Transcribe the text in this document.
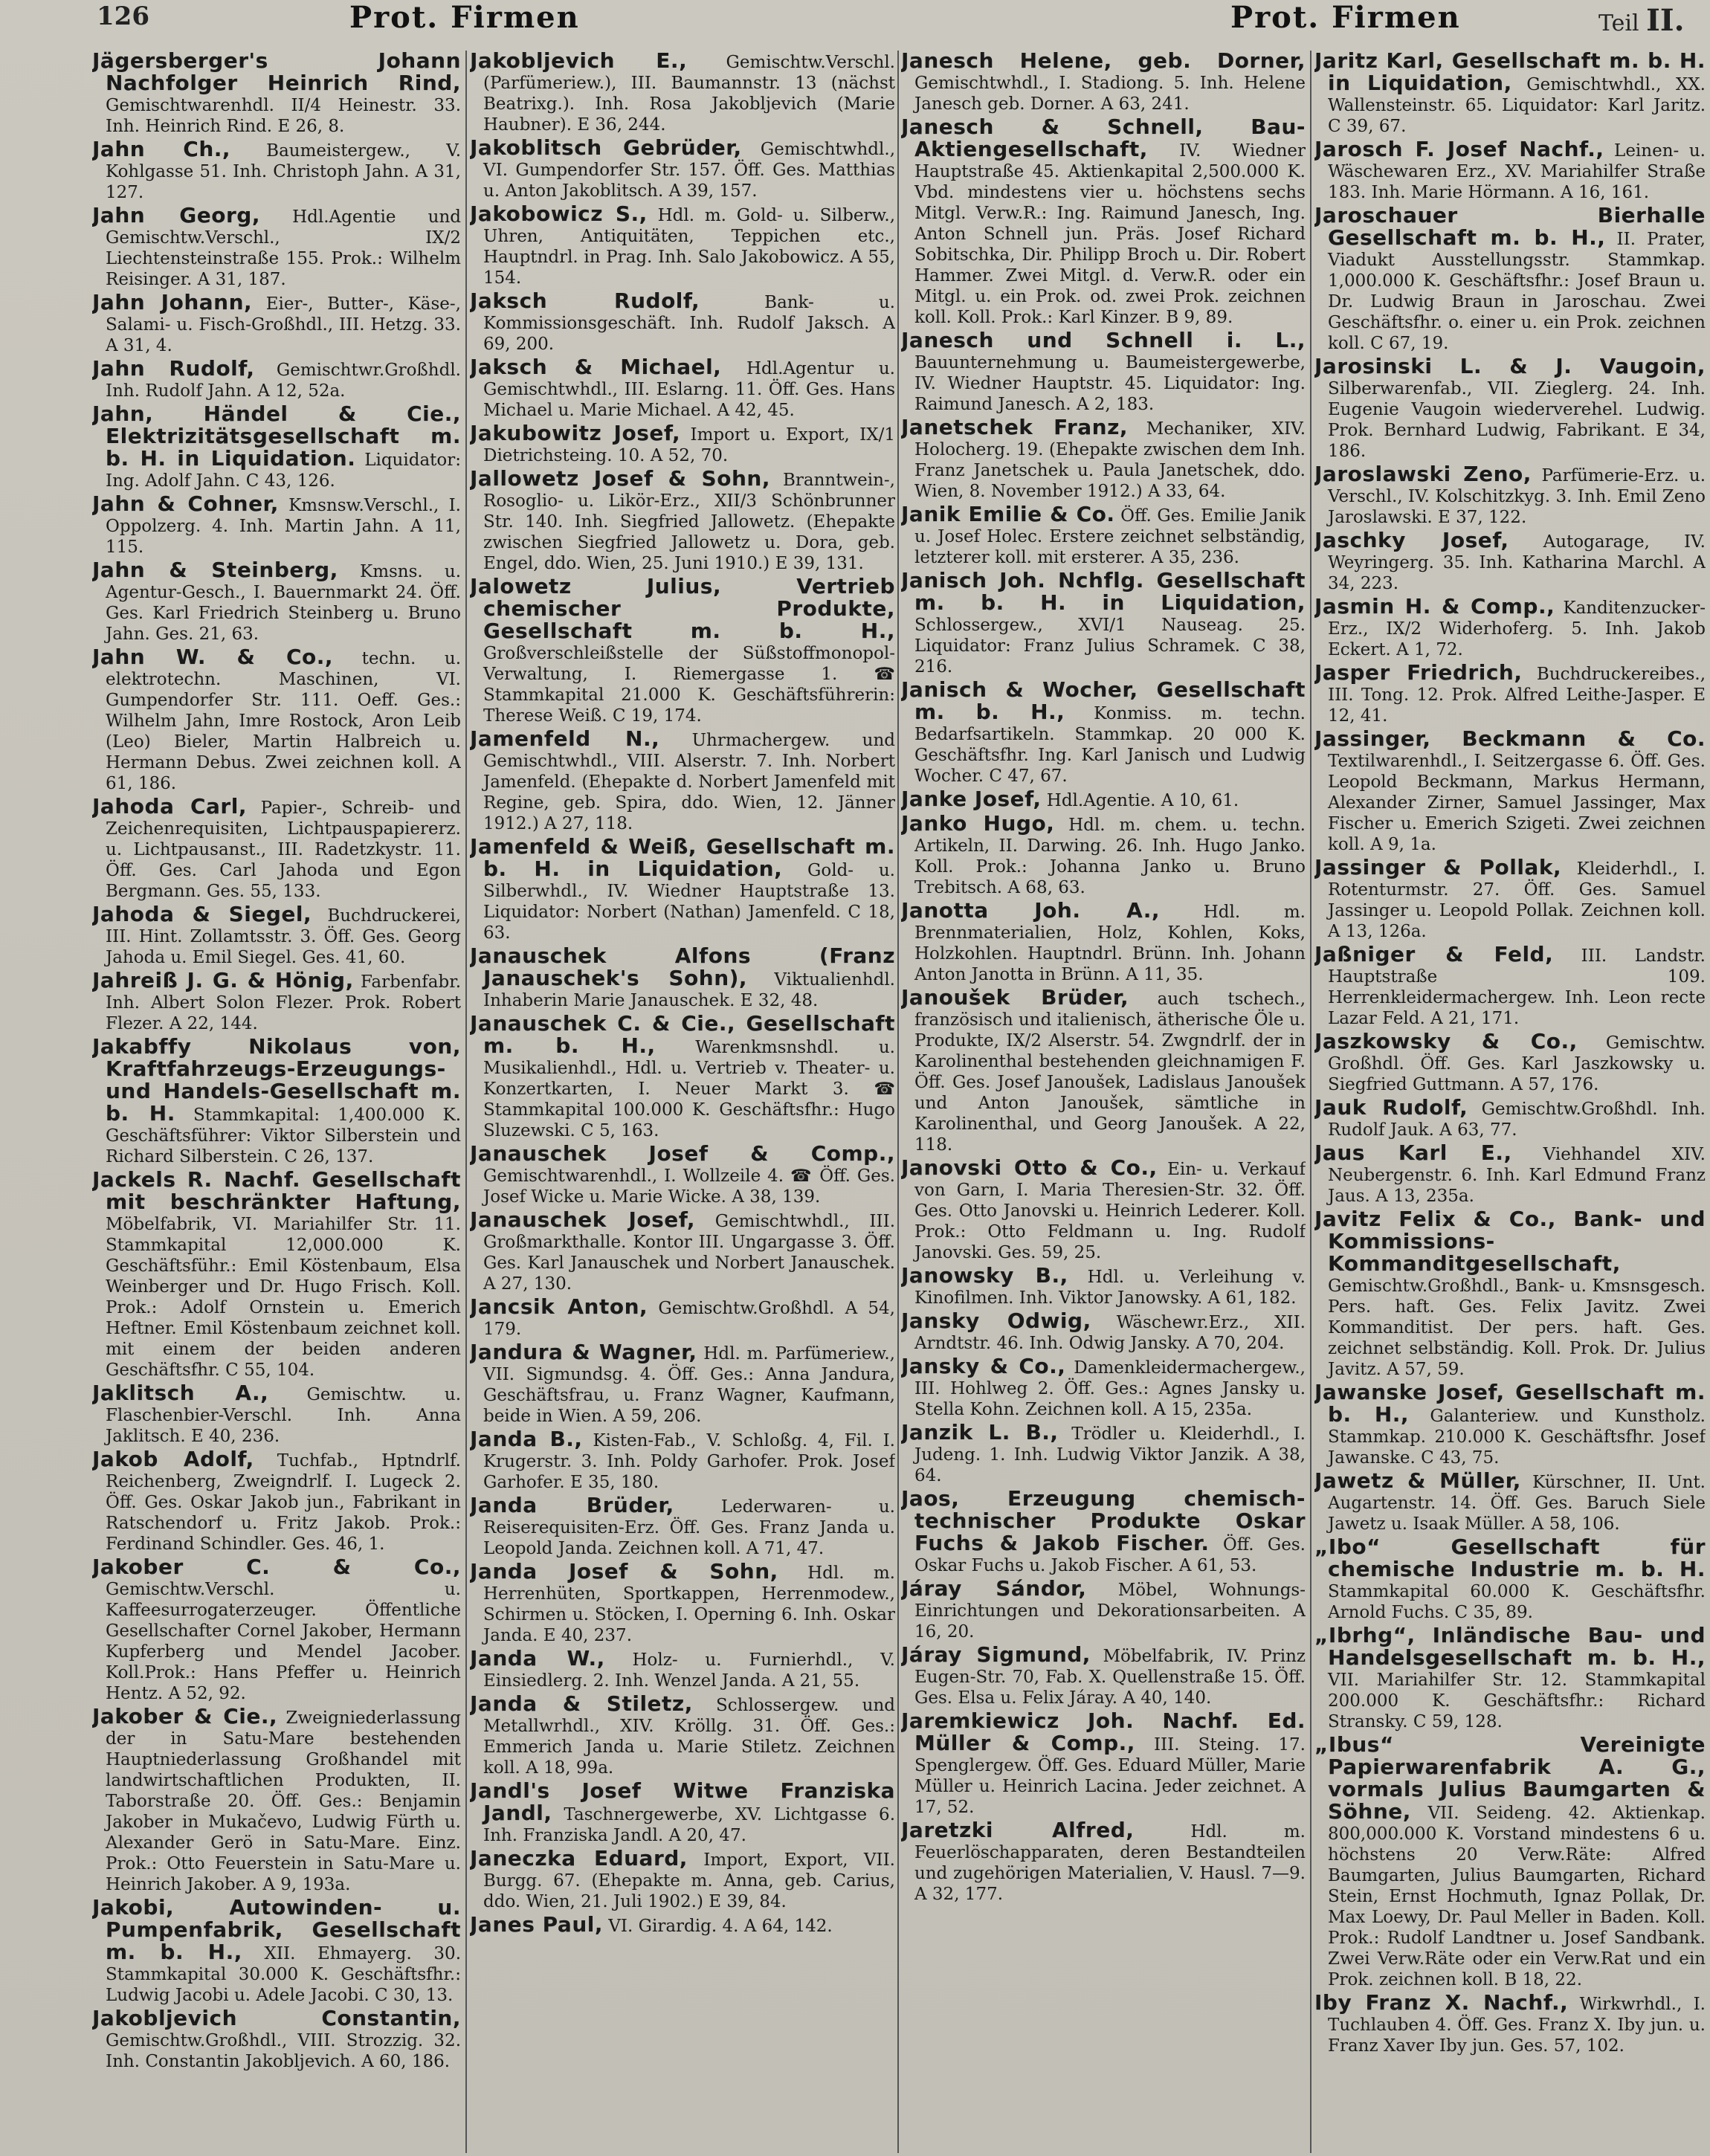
126	Prot. Firmen	Prot. Firmen	Teil II.

Jägersberger's Johann Nachfolger Heinrich Rind, Gemischtwarenhdl. II/4 Heinestr. 33. Inh. Heinrich Rind. E 26, 8.

Jahn Ch., Baumeistergew., V. Kohlgasse 51. Inh. Christoph Jahn. A 31, 127.

Jahn Georg, Hdl.Agentie und Gemischtw.Verschl., IX/2 Liechtensteinstraße 155. Prok.: Wilhelm Reisinger. A 31, 187.

Jahn Johann, Eier-, Butter-, Käse-, Salami- u. Fisch-Großhdl., III. Hetzg. 33. A 31, 4.

Jahn Rudolf, Gemischtwr.Großhdl. Inh. Rudolf Jahn. A 12, 52a.

Jahn, Händel & Cie., Elektrizitätsgesellschaft m. b. H. in Liquidation. Liquidator: Ing. Adolf Jahn. C 43, 126.

Jahn & Cohner, Kmsnsw.Verschl., I. Oppolzerg. 4. Inh. Martin Jahn. A 11, 115.

Jahn & Steinberg, Kmsns. u. Agentur-Gesch., I. Bauernmarkt 24. Öff. Ges. Karl Friedrich Steinberg u. Bruno Jahn. Ges. 21, 63.

Jahn W. & Co., techn. u. elektrotechn. Maschinen, VI. Gumpendorfer Str. 111. Oeff. Ges.: Wilhelm Jahn, Imre Rostock, Aron Leib (Leo) Bieler, Martin Halbreich u. Hermann Debus. Zwei zeichnen koll. A 61, 186.

Jahoda Carl, Papier-, Schreib- und Zeichenrequisiten, Lichtpauspapiererz. u. Lichtpausanst., III. Radetzkystr. 11. Öff. Ges. Carl Jahoda und Egon Bergmann. Ges. 55, 133.

Jahoda & Siegel, Buchdruckerei, III. Hint. Zollamtsstr. 3. Öff. Ges. Georg Jahoda u. Emil Siegel. Ges. 41, 60.

Jahreiß J. G. & Hönig, Farbenfabr. Inh. Albert Solon Flezer. Prok. Robert Flezer. A 22, 144.

Jakabffy Nikolaus von, Kraftfahrzeugs-Erzeugungs- und Handels-Gesellschaft m. b. H. Stammkapital: 1,400.000 K. Geschäftsführer: Viktor Silberstein und Richard Silberstein. C 26, 137.

Jackels R. Nachf. Gesellschaft mit beschränkter Haftung, Möbelfabrik, VI. Mariahilfer Str. 11. Stammkapital 12,000.000 K. Geschäftsführ.: Emil Köstenbaum, Elsa Weinberger und Dr. Hugo Frisch. Koll. Prok.: Adolf Ornstein u. Emerich Heftner. Emil Köstenbaum zeichnet koll. mit einem der beiden anderen Geschäftsfhr. C 55, 104.

Jaklitsch A., Gemischtw. u. Flaschenbier-Verschl. Inh. Anna Jaklitsch. E 40, 236.

Jakob Adolf, Tuchfab., Hptndrlf. Reichenberg, Zweigndrlf. I. Lugeck 2. Öff. Ges. Oskar Jakob jun., Fabrikant in Ratschendorf u. Fritz Jakob. Prok.: Ferdinand Schindler. Ges. 46, 1.

Jakober C. & Co., Gemischtw.Verschl. u. Kaffeesurrogaterzeuger. Öffentliche Gesellschafter Cornel Jakober, Hermann Kupferberg und Mendel Jacober. Koll.Prok.: Hans Pfeffer u. Heinrich Hentz. A 52, 92.

Jakober & Cie., Zweigniederlassung der in Satu-Mare bestehenden Hauptniederlassung Großhandel mit landwirtschaftlichen Produkten, II. Taborstraße 20. Öff. Ges.: Benjamin Jakober in Mukačevo, Ludwig Fürth u. Alexander Gerö in Satu-Mare. Einz. Prok.: Otto Feuerstein in Satu-Mare u. Heinrich Jakober. A 9, 193a.

Jakobi, Autowinden- u. Pumpenfabrik, Gesellschaft m. b. H., XII. Ehmayerg. 30. Stammkapital 30.000 K. Geschäftsfhr.: Ludwig Jacobi u. Adele Jacobi. C 30, 13.

Jakobljevich Constantin, Gemischtw.Großhdl., VIII. Strozzig. 32. Inh. Constantin Jakobljevich. A 60, 186.

Jakobljevich E., Gemischtw.Verschl. (Parfümeriew.), III. Baumannstr. 13 (nächst Beatrixg.). Inh. Rosa Jakobljevich (Marie Haubner). E 36, 244.

Jakoblitsch Gebrüder, Gemischtwhdl., VI. Gumpendorfer Str. 157. Öff. Ges. Matthias u. Anton Jakoblitsch. A 39, 157.

Jakobowicz S., Hdl. m. Gold- u. Silberw., Uhren, Antiquitäten, Teppichen etc., Hauptndrl. in Prag. Inh. Salo Jakobowicz. A 55, 154.

Jaksch Rudolf, Bank- u. Kommissionsgeschäft. Inh. Rudolf Jaksch. A 69, 200.

Jaksch & Michael, Hdl.Agentur u. Gemischtwhdl., III. Eslarng. 11. Öff. Ges. Hans Michael u. Marie Michael. A 42, 45.

Jakubowitz Josef, Import u. Export, IX/1 Dietrichsteing. 10. A 52, 70.

Jallowetz Josef & Sohn, Branntwein-, Rosoglio- u. Likör-Erz., XII/3 Schönbrunner Str. 140. Inh. Siegfried Jallowetz. (Ehepakte zwischen Siegfried Jallowetz u. Dora, geb. Engel, ddo. Wien, 25. Juni 1910.) E 39, 131.

Jalowetz Julius, Vertrieb chemischer Produkte, Gesellschaft m. b. H., Großverschleißstelle der Süßstoffmonopol-Verwaltung, I. Riemergasse 1. ☎ Stammkapital 21.000 K. Geschäftsführerin: Therese Weiß. C 19, 174.

Jamenfeld N., Uhrmachergew. und Gemischtwhdl., VIII. Alserstr. 7. Inh. Norbert Jamenfeld. (Ehepakte d. Norbert Jamenfeld mit Regine, geb. Spira, ddo. Wien, 12. Jänner 1912.) A 27, 118.

Jamenfeld & Weiß, Gesellschaft m. b. H. in Liquidation, Gold- u. Silberwhdl., IV. Wiedner Hauptstraße 13. Liquidator: Norbert (Nathan) Jamenfeld. C 18, 63.

Janauschek Alfons (Franz Janauschek's Sohn), Viktualienhdl. Inhaberin Marie Janauschek. E 32, 48.

Janauschek C. & Cie., Gesellschaft m. b. H., Warenkmsnshdl. u. Musikalienhdl., Hdl. u. Vertrieb v. Theater- u. Konzertkarten, I. Neuer Markt 3. ☎ Stammkapital 100.000 K. Geschäftsfhr.: Hugo Sluzewski. C 5, 163.

Janauschek Josef & Comp., Gemischtwarenhdl., I. Wollzeile 4. ☎ Öff. Ges. Josef Wicke u. Marie Wicke. A 38, 139.

Janauschek Josef, Gemischtwhdl., III. Großmarkthalle. Kontor III. Ungargasse 3. Öff. Ges. Karl Janauschek und Norbert Janauschek. A 27, 130.

Jancsik Anton, Gemischtw.Großhdl. A 54, 179.

Jandura & Wagner, Hdl. m. Parfümeriew., VII. Sigmundsg. 4. Öff. Ges.: Anna Jandura, Geschäftsfrau, u. Franz Wagner, Kaufmann, beide in Wien. A 59, 206.

Janda B., Kisten-Fab., V. Schloßg. 4, Fil. I. Krugerstr. 3. Inh. Poldy Garhofer. Prok. Josef Garhofer. E 35, 180.

Janda Brüder, Lederwaren- u. Reiserequisiten-Erz. Öff. Ges. Franz Janda u. Leopold Janda. Zeichnen koll. A 71, 47.

Janda Josef & Sohn, Hdl. m. Herrenhüten, Sportkappen, Herrenmodew., Schirmen u. Stöcken, I. Operning 6. Inh. Oskar Janda. E 40, 237.

Janda W., Holz- u. Furnierhdl., V. Einsiedlerg. 2. Inh. Wenzel Janda. A 21, 55.

Janda & Stiletz, Schlossergew. und Metallwrhdl., XIV. Kröllg. 31. Öff. Ges.: Emmerich Janda u. Marie Stiletz. Zeichnen koll. A 18, 99a.

Jandl's Josef Witwe Franziska Jandl, Taschnergewerbe, XV. Lichtgasse 6. Inh. Franziska Jandl. A 20, 47.

Janeczka Eduard, Import, Export, VII. Burgg. 67. (Ehepakte m. Anna, geb. Carius, ddo. Wien, 21. Juli 1902.) E 39, 84.

Janes Paul, VI. Girardig. 4. A 64, 142.

Janesch Helene, geb. Dorner, Gemischtwhdl., I. Stadiong. 5. Inh. Helene Janesch geb. Dorner. A 63, 241.

Janesch & Schnell, Bau-Aktiengesellschaft, IV. Wiedner Hauptstraße 45. Aktienkapital 2,500.000 K. Vbd. mindestens vier u. höchstens sechs Mitgl. Verw.R.: Ing. Raimund Janesch, Ing. Anton Schnell jun. Präs. Josef Richard Sobitschka, Dir. Philipp Broch u. Dir. Robert Hammer. Zwei Mitgl. d. Verw.R. oder ein Mitgl. u. ein Prok. od. zwei Prok. zeichnen koll. Koll. Prok.: Karl Kinzer. B 9, 89.

Janesch und Schnell i. L., Bauunternehmung u. Baumeistergewerbe, IV. Wiedner Hauptstr. 45. Liquidator: Ing. Raimund Janesch. A 2, 183.

Janetschek Franz, Mechaniker, XIV. Holocherg. 19. (Ehepakte zwischen dem Inh. Franz Janetschek u. Paula Janetschek, ddo. Wien, 8. November 1912.) A 33, 64.

Janik Emilie & Co. Öff. Ges. Emilie Janik u. Josef Holec. Erstere zeichnet selbständig, letzterer koll. mit ersterer. A 35, 236.

Janisch Joh. Nchflg. Gesellschaft m. b. H. in Liquidation, Schlossergew., XVI/1 Nauseag. 25. Liquidator: Franz Julius Schramek. C 38, 216.

Janisch & Wocher, Gesellschaft m. b. H., Konmiss. m. techn. Bedarfsartikeln. Stammkap. 20 000 K. Geschäftsfhr. Ing. Karl Janisch und Ludwig Wocher. C 47, 67.

Janke Josef, Hdl.Agentie. A 10, 61.

Janko Hugo, Hdl. m. chem. u. techn. Artikeln, II. Darwing. 26. Inh. Hugo Janko. Koll. Prok.: Johanna Janko u. Bruno Trebitsch. A 68, 63.

Janotta Joh. A., Hdl. m. Brennmaterialien, Holz, Kohlen, Koks, Holzkohlen. Hauptndrl. Brünn. Inh. Johann Anton Janotta in Brünn. A 11, 35.

Janoušek Brüder, auch tschech., französisch und italienisch, ätherische Öle u. Produkte, IX/2 Alserstr. 54. Zwgndrlf. der in Karolinenthal bestehenden gleichnamigen F. Öff. Ges. Josef Janoušek, Ladislaus Janoušek und Anton Janoušek, sämtliche in Karolinenthal, und Georg Janoušek. A 22, 118.

Janovski Otto & Co., Ein- u. Verkauf von Garn, I. Maria Theresien-Str. 32. Öff. Ges. Otto Janovski u. Heinrich Lederer. Koll. Prok.: Otto Feldmann u. Ing. Rudolf Janovski. Ges. 59, 25.

Janowsky B., Hdl. u. Verleihung v. Kinofilmen. Inh. Viktor Janowsky. A 61, 182.

Jansky Odwig, Wäschewr.Erz., XII. Arndtstr. 46. Inh. Odwig Jansky. A 70, 204.

Jansky & Co., Damenkleidermachergew., III. Hohlweg 2. Öff. Ges.: Agnes Jansky u. Stella Kohn. Zeichnen koll. A 15, 235a.

Janzik L. B., Trödler u. Kleiderhdl., I. Judeng. 1. Inh. Ludwig Viktor Janzik. A 38, 64.

Jaos, Erzeugung chemisch-technischer Produkte Oskar Fuchs & Jakob Fischer. Öff. Ges. Oskar Fuchs u. Jakob Fischer. A 61, 53.

Járay Sándor, Möbel, Wohnungs-Einrichtungen und Dekorationsarbeiten. A 16, 20.

Járay Sigmund, Möbelfabrik, IV. Prinz Eugen-Str. 70, Fab. X. Quellenstraße 15. Öff. Ges. Elsa u. Felix Járay. A 40, 140.

Jaremkiewicz Joh. Nachf. Ed. Müller & Comp., III. Steing. 17. Spenglergew. Öff. Ges. Eduard Müller, Marie Müller u. Heinrich Lacina. Jeder zeichnet. A 17, 52.

Jaretzki Alfred, Hdl. m. Feuerlöschapparaten, deren Bestandteilen und zugehörigen Materialien, V. Hausl. 7—9. A 32, 177.

Jaritz Karl, Gesellschaft m. b. H. in Liquidation, Gemischtwhdl., XX. Wallensteinstr. 65. Liquidator: Karl Jaritz. C 39, 67.

Jarosch F. Josef Nachf., Leinen- u. Wäschewaren Erz., XV. Mariahilfer Straße 183. Inh. Marie Hörmann. A 16, 161.

Jaroschauer Bierhalle Gesellschaft m. b. H., II. Prater, Viadukt Ausstellungsstr. Stammkap. 1,000.000 K. Geschäftsfhr.: Josef Braun u. Dr. Ludwig Braun in Jaroschau. Zwei Geschäftsfhr. o. einer u. ein Prok. zeichnen koll. C 67, 19.

Jarosinski L. & J. Vaugoin, Silberwarenfab., VII. Zieglerg. 24. Inh. Eugenie Vaugoin wiederverehel. Ludwig. Prok. Bernhard Ludwig, Fabrikant. E 34, 186.

Jaroslawski Zeno, Parfümerie-Erz. u. Verschl., IV. Kolschitzkyg. 3. Inh. Emil Zeno Jaroslawski. E 37, 122.

Jaschky Josef, Autogarage, IV. Weyringerg. 35. Inh. Katharina Marchl. A 34, 223.

Jasmin H. & Comp., Kanditenzucker-Erz., IX/2 Widerhoferg. 5. Inh. Jakob Eckert. A 1, 72.

Jasper Friedrich, Buchdruckereibes., III. Tong. 12. Prok. Alfred Leithe-Jasper. E 12, 41.

Jassinger, Beckmann & Co. Textilwarenhdl., I. Seitzergasse 6. Öff. Ges. Leopold Beckmann, Markus Hermann, Alexander Zirner, Samuel Jassinger, Max Fischer u. Emerich Szigeti. Zwei zeichnen koll. A 9, 1a.

Jassinger & Pollak, Kleiderhdl., I. Rotenturmstr. 27. Öff. Ges. Samuel Jassinger u. Leopold Pollak. Zeichnen koll. A 13, 126a.

Jaßniger & Feld, III. Landstr. Hauptstraße 109. Herrenkleidermachergew. Inh. Leon recte Lazar Feld. A 21, 171.

Jaszkowsky & Co., Gemischtw. Großhdl. Öff. Ges. Karl Jaszkowsky u. Siegfried Guttmann. A 57, 176.

Jauk Rudolf, Gemischtw.Großhdl. Inh. Rudolf Jauk. A 63, 77.

Jaus Karl E., Viehhandel XIV. Neubergenstr. 6. Inh. Karl Edmund Franz Jaus. A 13, 235a.

Javitz Felix & Co., Bank- und Kommissions-Kommanditgesellschaft, Gemischtw.Großhdl., Bank- u. Kmsnsgesch. Pers. haft. Ges. Felix Javitz. Zwei Kommanditist. Der pers. haft. Ges. zeichnet selbständig. Koll. Prok. Dr. Julius Javitz. A 57, 59.

Jawanske Josef, Gesellschaft m. b. H., Galanteriew. und Kunstholz. Stammkap. 210.000 K. Geschäftsfhr. Josef Jawanske. C 43, 75.

Jawetz & Müller, Kürschner, II. Unt. Augartenstr. 14. Öff. Ges. Baruch Siele Jawetz u. Isaak Müller. A 58, 106.

„Ibo“ Gesellschaft für chemische Industrie m. b. H. Stammkapital 60.000 K. Geschäftsfhr. Arnold Fuchs. C 35, 89.

„Ibrhg“, Inländische Bau- und Handelsgesellschaft m. b. H., VII. Mariahilfer Str. 12. Stammkapital 200.000 K. Geschäftsfhr.: Richard Stransky. C 59, 128.

„Ibus“ Vereinigte Papierwarenfabrik A. G., vormals Julius Baumgarten & Söhne, VII. Seideng. 42. Aktienkap. 800,000.000 K. Vorstand mindestens 6 u. höchstens 20 Verw.Räte: Alfred Baumgarten, Julius Baumgarten, Richard Stein, Ernst Hochmuth, Ignaz Pollak, Dr. Max Loewy, Dr. Paul Meller in Baden. Koll. Prok.: Rudolf Landtner u. Josef Sandbank. Zwei Verw.Räte oder ein Verw.Rat und ein Prok. zeichnen koll. B 18, 22.

Iby Franz X. Nachf., Wirkwrhdl., I. Tuchlauben 4. Öff. Ges. Franz X. Iby jun. u. Franz Xaver Iby jun. Ges. 57, 102.
